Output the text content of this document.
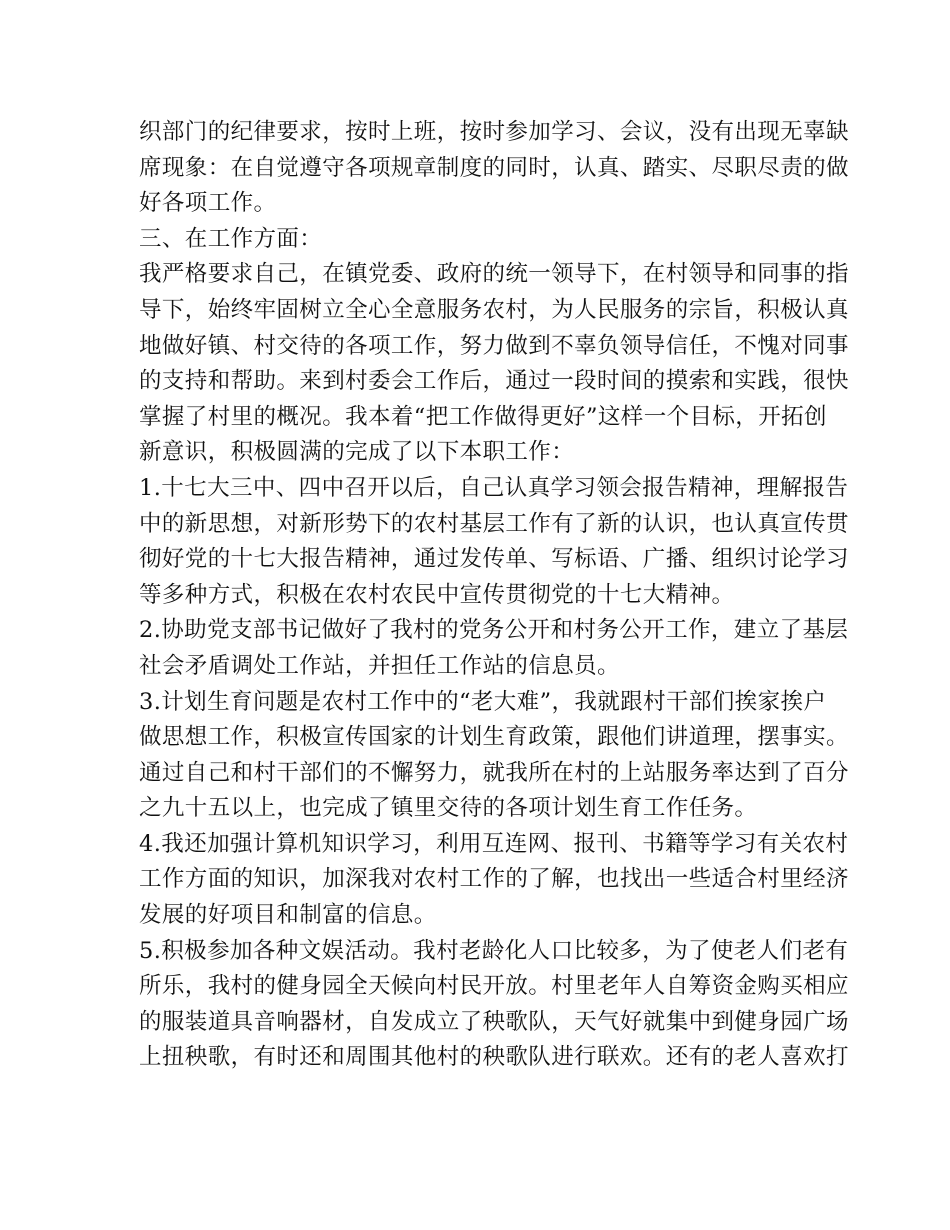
织部门的纪律要求，按时上班，按时参加学习、会议，没有出现无辜缺
席现象：在自觉遵守各项规章制度的同时，认真、踏实、尽职尽责的做
好各项工作。
三、在工作方面：
我严格要求自己，在镇党委、政府的统一领导下，在村领导和同事的指
导下，始终牢固树立全心全意服务农村，为人民服务的宗旨，积极认真
地做好镇、村交待的各项工作，努力做到不辜负领导信任，不愧对同事
的支持和帮助。来到村委会工作后，通过一段时间的摸索和实践，很快
掌握了村里的概况。我本着“把工作做得更好”这样一个目标，开拓创
新意识，积极圆满的完成了以下本职工作：
1.十七大三中、四中召开以后，自己认真学习领会报告精神，理解报告
中的新思想，对新形势下的农村基层工作有了新的认识，也认真宣传贯
彻好党的十七大报告精神，通过发传单、写标语、广播、组织讨论学习
等多种方式，积极在农村农民中宣传贯彻党的十七大精神。
2.协助党支部书记做好了我村的党务公开和村务公开工作，建立了基层
社会矛盾调处工作站，并担任工作站的信息员。
3.计划生育问题是农村工作中的“老大难”，我就跟村干部们挨家挨户
做思想工作，积极宣传国家的计划生育政策，跟他们讲道理，摆事实。
通过自己和村干部们的不懈努力，就我所在村的上站服务率达到了百分
之九十五以上，也完成了镇里交待的各项计划生育工作任务。
4.我还加强计算机知识学习，利用互连网、报刊、书籍等学习有关农村
工作方面的知识，加深我对农村工作的了解，也找出一些适合村里经济
发展的好项目和制富的信息。
5.积极参加各种文娱活动。我村老龄化人口比较多，为了使老人们老有
所乐，我村的健身园全天候向村民开放。村里老年人自筹资金购买相应
的服装道具音响器材，自发成立了秧歌队，天气好就集中到健身园广场
上扭秧歌，有时还和周围其他村的秧歌队进行联欢。还有的老人喜欢打
